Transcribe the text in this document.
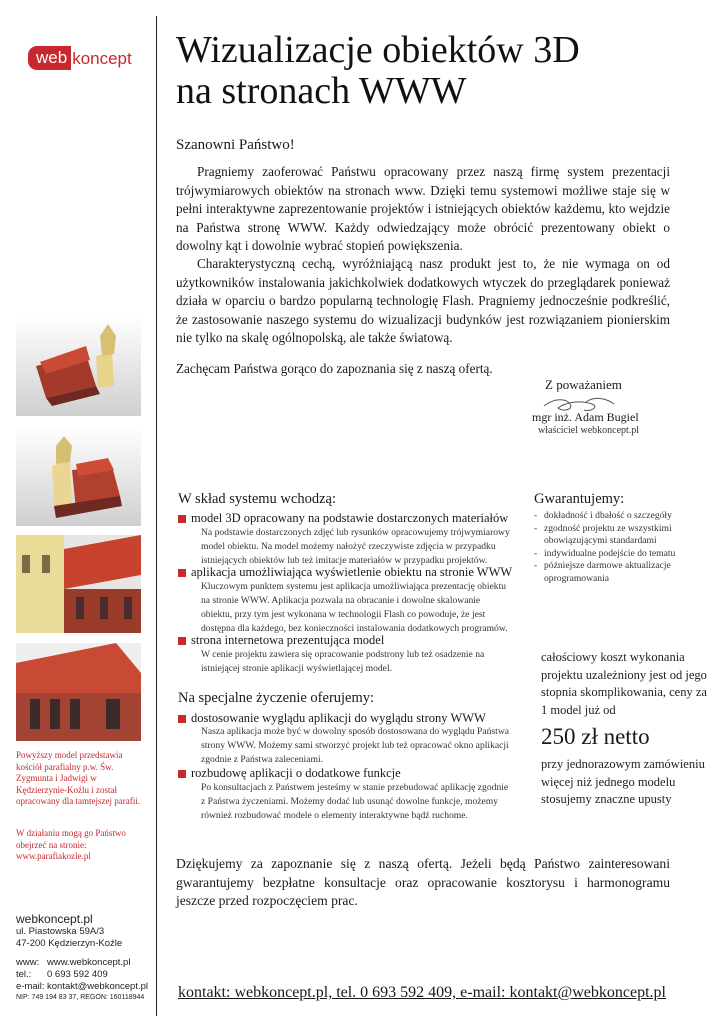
web koncept Wizualizacje obiektów 3D
na stronach WWW
Szanowni Państwo!

Pragniemy zaoferować Państwu opracowany przez naszą firmę system prezentacji trójwymiarowych obiektów na stronach www. Dzięki temu systemowi możliwe staje się w pełni interaktywne zaprezentowanie projektów i istniejących obiektów każdemu, kto wejdzie na Państwa stronę WWW. Każdy odwiedzający może obrócić prezentowany obiekt o dowolny kąt i dowolnie wybrać stopień powiększenia.

Charakterystyczną cechą, wyróżniającą nasz produkt jest to, że nie wymaga on od użytkowników instalowania jakichkolwiek dodatkowych wtyczek do przeglądarek ponieważ działa w oparciu o bardzo popularną technologię Flash. Pragniemy jednocześnie podkreślić, że zastosowanie naszego systemu do wizualizacji budynków jest rozwiązaniem pionierskim nie tylko na skalę ogólnopolską, ale także światową.

Zachęcam Państwa gorąco do zapoznania się z naszą ofertą.

Z poważaniem
mgr inż. Adam Bugiel
właściciel webkoncept.pl
W skład systemu wchodzą:
model 3D opracowany na podstawie dostarczonych materiałów
Na podstawie dostarczonych zdjęć lub rysunków opracowujemy trójwymiarowy model obiektu. Na model możemy nałożyć rzeczywiste zdjęcia w przypadku istniejących obiektów lub też imitacje materiałów w przypadku projektów.
aplikacja umożliwiająca wyświetlenie obiektu na stronie WWW
Kluczowym punktem systemu jest aplikacja umożliwiająca prezentację obiektu na stronie WWW. Aplikacja pozwala na obracanie i dowolne skalowanie obiektu, przy tym jest wykonana w technologii Flash co powoduje, że jest dostępna dla każdego, bez konieczności instalowania dodatkowych programów.
strona internetowa prezentująca model
W cenie projektu zawiera się opracowanie podstrony lub też osadzenie na istniejącej stronie aplikacji wyświetlającej model.
Na specjalne życzenie oferujemy:
dostosowanie wyglądu aplikacji do wyglądu strony WWW
Nasza aplikacja może być w dowolny sposób dostosowana do wyglądu Państwa strony WWW. Możemy sami stworzyć projekt lub też opracować okno aplikacji zgodnie z Państwa zaleceniami.
rozbudowę aplikacji o dodatkowe funkcje
Po konsultacjach z Państwem jesteśmy w stanie przebudować aplikację zgodnie z Państwa życzeniami. Możemy dodać lub usunąć dowolne funkcje, możemy również rozbudować modele o elementy interaktywne bądź ruchome.
Gwarantujemy:
- dokładność i dbałość o szczegóły
- zgodność projektu ze wszystkimi obowiązującymi standardami
- indywidualne podejście do tematu
- późniejsze darmowe aktualizacje oprogramowania
całościowy koszt wykonania projektu uzależniony jest od jego stopnia skomplikowania, ceny za 1 model już od
250 zł netto
przy jednorazowym zamówieniu więcej niż jednego modelu stosujemy znaczne upusty

Dziękujemy za zapoznanie się z naszą ofertą. Jeżeli będą Państwo zainteresowani gwarantujemy bezpłatne konsultacje oraz opracowanie kosztorysu i harmonogramu jeszcze przed rozpoczęciem prac.

Powyższy model przedstawia kościół parafialny p.w. Św. Zygmunta i Jadwigi w Kędzierzynie-Koźlu i został opracowany dla tamtejszej parafii.
W działaniu mogą go Państwo obejrzeć na stronie:
www.parafiakozle.pl
webkoncept.pl
ul. Piastowska 59A/3
47-200 Kędzierzyn-Koźle
www: www.webkoncept.pl
tel.:	0 693 592 409
e-mail: kontakt@webkoncept.pl
NIP: 749 194 83 37, REGON: 160118944 kontakt: webkoncept.pl, tel. 0 693 592 409, e-mail: kontakt@webkoncept.pl
